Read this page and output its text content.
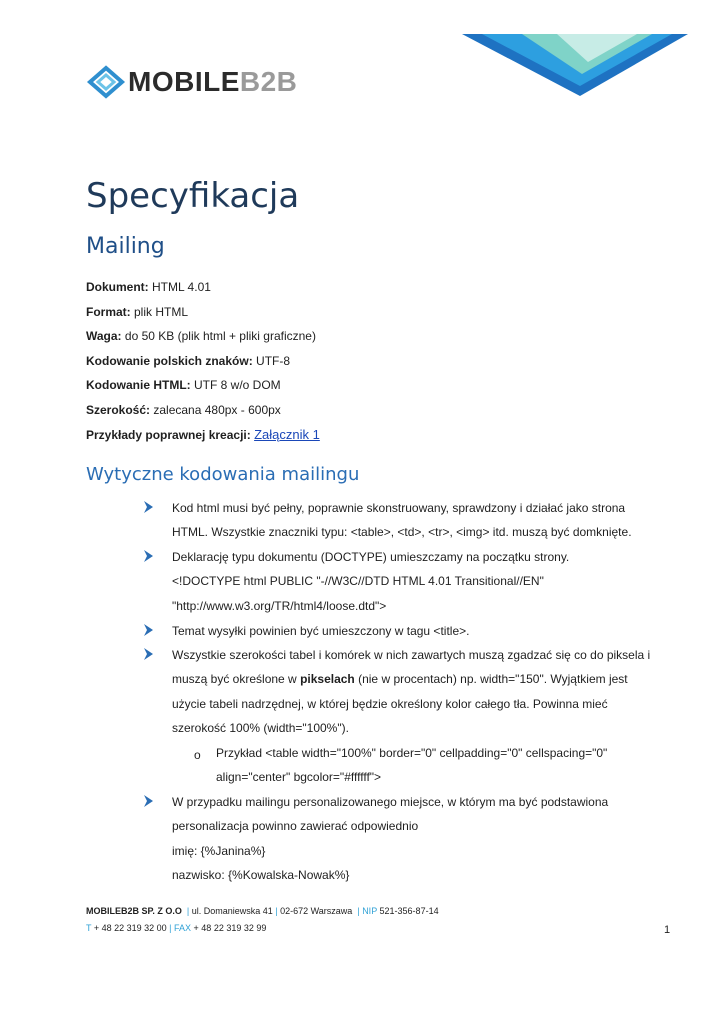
MOBILEB2B
Specyfikacja
Mailing
Dokument: HTML 4.01
Format: plik HTML
Waga: do 50 KB (plik html + pliki graficzne)
Kodowanie polskich znaków: UTF-8
Kodowanie HTML: UTF 8 w/o DOM
Szerokość: zalecana 480px - 600px
Przykłady poprawnej kreacji: Załącznik 1
Wytyczne kodowania mailingu
Kod html musi być pełny, poprawnie skonstruowany, sprawdzony i działać jako strona
HTML. Wszystkie znaczniki typu: <table>, <td>, <tr>, <img> itd. muszą być domknięte.
Deklarację typu dokumentu (DOCTYPE) umieszczamy na początku strony.
<!DOCTYPE html PUBLIC "-//W3C//DTD HTML 4.01 Transitional//EN"
"http://www.w3.org/TR/html4/loose.dtd">
Temat wysyłki powinien być umieszczony w tagu <title>.
Wszystkie szerokości tabel i komórek w nich zawartych muszą zgadzać się co do piksela i
muszą być określone w pikselach (nie w procentach) np. width="150". Wyjątkiem jest
użycie tabeli nadrzędnej, w której będzie określony kolor całego tła. Powinna mieć
szerokość 100% (width="100%").
o Przykład <table width="100%" border="0" cellpadding="0" cellspacing="0"
align="center" bgcolor="#ffffff">
W przypadku mailingu personalizowanego miejsce, w którym ma być podstawiona
personalizacja powinno zawierać odpowiednio
imię: {%Janina%}
nazwisko: {%Kowalska-Nowak%}
MOBILEB2B SP. Z O.O | ul. Domaniewska 41 | 02-672 Warszawa  | NIP 521-356-87-14
T + 48 22 319 32 00 | FAX + 48 22 319 32 99	1
